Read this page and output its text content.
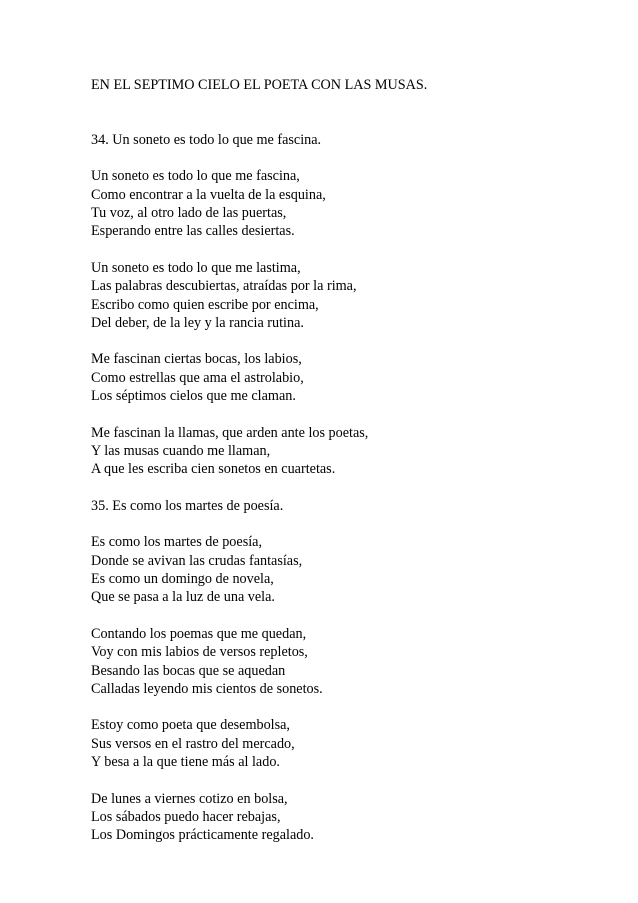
EN EL SEPTIMO CIELO EL POETA CON LAS MUSAS.
34. Un soneto es todo lo que me fascina.
Un soneto es todo lo que me fascina,
Como encontrar a la vuelta de la esquina,
Tu voz, al otro lado de las puertas,
Esperando entre las calles desiertas.
Un soneto es todo lo que me lastima,
Las palabras descubiertas, atraídas por la rima,
Escribo como quien escribe por encima,
Del deber, de la ley y la rancia rutina.
Me fascinan ciertas bocas, los labios,
Como estrellas que ama el astrolabio,
Los séptimos cielos que me claman.
Me fascinan la llamas, que arden ante los poetas,
Y las musas cuando me llaman,
A que les escriba cien sonetos en cuartetas.
35. Es como los martes de poesía.
Es como los martes de poesía,
Donde se avivan las crudas fantasías,
Es como un domingo de novela,
Que se pasa a la luz de una vela.
Contando los poemas que me quedan,
Voy con mis labios de versos repletos,
Besando las bocas que se aquedan
Calladas leyendo mis cientos de sonetos.
Estoy como poeta que desembolsa,
Sus versos en el rastro del mercado,
Y besa a la que tiene más al lado.
De lunes a viernes cotizo en bolsa,
Los sábados puedo hacer rebajas,
Los Domingos prácticamente regalado.
